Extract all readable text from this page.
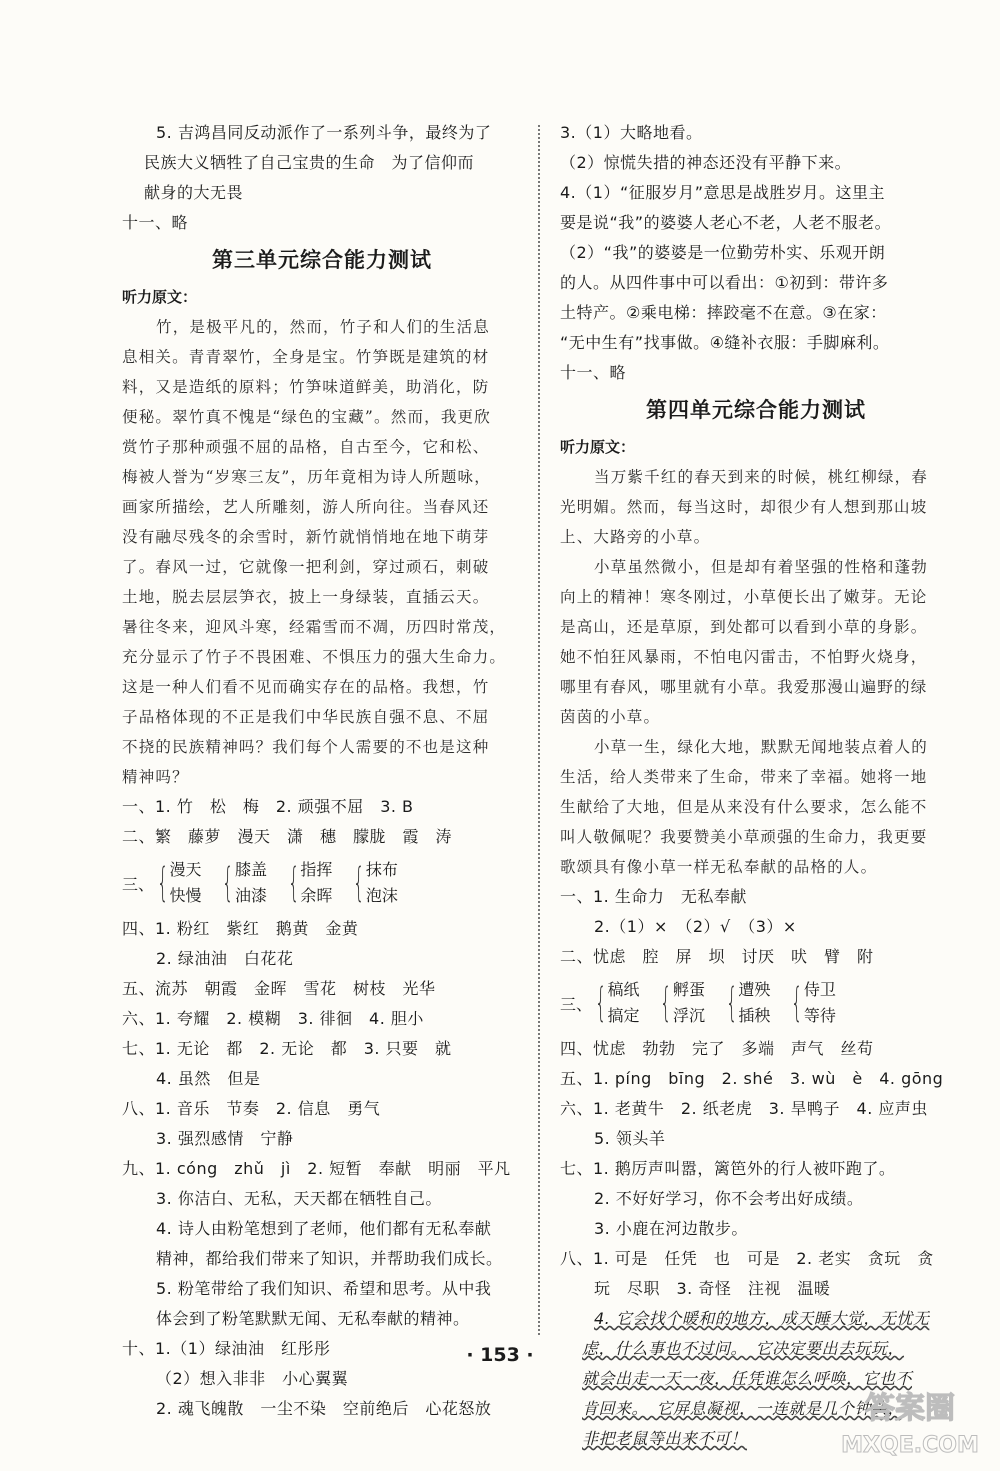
5. 吉鸿昌同反动派作了一系列斗争，最终为了
民族大义牺牲了自己宝贵的生命　为了信仰而
献身的大无畏
十一、略
第三单元综合能力测试
听力原文：
竹，是极平凡的，然而，竹子和人们的生活息
息相关。青青翠竹，全身是宝。竹笋既是建筑的材
料，又是造纸的原料；竹笋味道鲜美，助消化，防
便秘。翠竹真不愧是“绿色的宝藏”。然而，我更欣
赏竹子那种顽强不屈的品格，自古至今，它和松、
梅被人誉为“岁寒三友”，历年竟相为诗人所题咏，
画家所描绘，艺人所雕刻，游人所向往。当春风还
没有融尽残冬的余雪时，新竹就悄悄地在地下萌芽
了。春风一过，它就像一把利剑，穿过顽石，刺破
土地，脱去层层笋衣，披上一身绿装，直插云天。
暑往冬来，迎风斗寒，经霜雪而不凋，历四时常茂，
充分显示了竹子不畏困难、不惧压力的强大生命力。
这是一种人们看不见而确实存在的品格。我想，竹
子品格体现的不正是我们中华民族自强不息、不屈
不挠的民族精神吗？我们每个人需要的不也是这种
精神吗？
一、1. 竹　松　梅　2. 顽强不屈　3. B
二、繁　藤萝　漫天　潇　穗　朦胧　霞　涛
三、 { 漫天
快慢 { 膝盖
油漆 { 指挥
余晖 { 抹布
泡沫
四、1. 粉红　紫红　鹅黄　金黄
2. 绿油油　白花花
五、流苏　朝霞　金晖　雪花　树枝　光华
六、1. 夸耀　2. 模糊　3. 徘徊　4. 胆小
七、1. 无论　都　2. 无论　都　3. 只要　就
4. 虽然　但是
八、1. 音乐　节奏　2. 信息　勇气
3. 强烈感情　宁静
九、1. cóng　zhǔ　jì　2. 短暂　奉献　明丽　平凡
3. 你洁白、无私，天天都在牺牲自己。
4. 诗人由粉笔想到了老师，他们都有无私奉献
精神，都给我们带来了知识，并帮助我们成长。
5. 粉笔带给了我们知识、希望和思考。从中我
体会到了粉笔默默无闻、无私奉献的精神。
十、1.（1）绿油油　红彤彤
（2）想入非非　小心翼翼
2. 魂飞魄散　一尘不染　空前绝后　心花怒放
3.（1）大略地看。
（2）惊慌失措的神态还没有平静下来。
4.（1）“征服岁月”意思是战胜岁月。这里主
要是说“我”的婆婆人老心不老，人老不服老。
（2）“我”的婆婆是一位勤劳朴实、乐观开朗
的人。从四件事中可以看出：①初到：带许多
土特产。②乘电梯：摔跤毫不在意。③在家：
“无中生有”找事做。④缝补衣服：手脚麻利。
十一、略
第四单元综合能力测试
听力原文：
当万紫千红的春天到来的时候，桃红柳绿，春
光明媚。然而，每当这时，却很少有人想到那山坡
上、大路旁的小草。
小草虽然微小，但是却有着坚强的性格和蓬勃
向上的精神！寒冬刚过，小草便长出了嫩芽。无论
是高山，还是草原，到处都可以看到小草的身影。
她不怕狂风暴雨，不怕电闪雷击，不怕野火烧身，
哪里有春风，哪里就有小草。我爱那漫山遍野的绿
茵茵的小草。
小草一生，绿化大地，默默无闻地装点着人的
生活，给人类带来了生命，带来了幸福。她将一地
生献给了大地，但是从来没有什么要求，怎么能不
叫人敬佩呢？我要赞美小草顽强的生命力，我更要
歌颂具有像小草一样无私奉献的品格的人。
一、1. 生命力　无私奉献
2.（1）×　（2）√　（3）×
二、忧虑　腔　屏　坝　讨厌　吠　臂　附
三、 { 稿纸
搞定 { 孵蛋
浮沉 { 遭殃
插秧 { 侍卫
等待
四、忧虑　勃勃　完了　多端　声气　丝苟
五、1. píng　bīng　2. shé　3. wù　è　4. gōng
六、1. 老黄牛　2. 纸老虎　3. 旱鸭子　4. 应声虫
5. 领头羊
七、1. 鹅厉声叫嚣，篱笆外的行人被吓跑了。
2. 不好好学习，你不会考出好成绩。
3. 小鹿在河边散步。
八、1. 可是　任凭　也　可是　2. 老实　贪玩　贪
玩　尽职　3. 奇怪　注视　温暖
4. 它会找个暖和的地方，成天睡大觉，无忧无
虑，什么事也不过问。　它决定要出去玩玩，
就会出走一天一夜，任凭谁怎么呼唤，它也不
肯回来。　它屏息凝视，一连就是几个钟头，
非把老鼠等出来不可！
· 153 ·
答案圈
MXQE.COM
